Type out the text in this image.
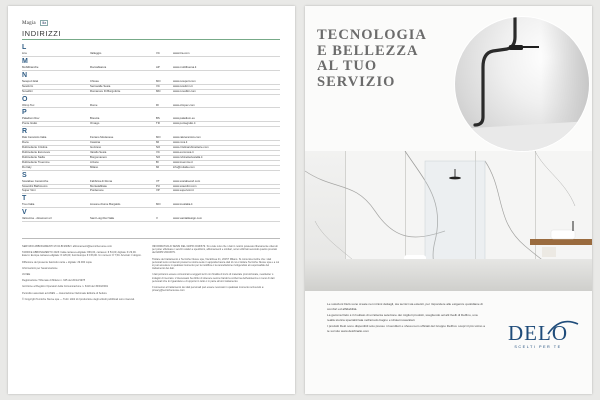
Magia	Illa
INDIRIZZI
L
Lira	Valleggio	VC	www.lira.com
M
Mobilbianche	Roccabianca	AP	www.mobilbuona.it
N
Newport Etal	Chiusa	MO	www.newport.com
Newform	Serravalle Sesia	VC	www.newform.it
Novellini	Romanore Di Borgoforte	MN	www.novellini.com
O
Olimp Tec	Rome	RI	www.olmpec.com
P
Paladium Rev	Brescia	BS	www.paladium.eu
Ponte Giulio	Ornago	TR	www.pontegiulio.it
R
Rak Ceramics Italia	Fiorano Modenese	MO	www.rakceramics.com
Roca	Cassina	MI	www.roca.it
Rubinetterie Cristina	Gozzano	NO	www.cristinarubinetterie.com
Rubinetterie Euronova	Varallo Sesia	VC	www.euronova.it
Rubinetterie Stella	Borgomanero	NO	www.rubinetteriestella.it
Rubinetterie Treemme	Arzano	BI	www.treemme.it
Ru Italy	Milano	MI	info@ruitalia.com
S
Scarabeo Ceramiche	Fabbrica di Roma	VT	www.scarabeosrl.com
Scavolini Bathrooms	Montelabbate	PU	www.scavolini.com
Super Vimi	Pordenone	VP	www.supervimi.it
T
Treo Italia	Lissone-Fiume Borgaldo	MO	www.treoitalia.it
V
Valcucina - dinamoni.srl	Sant Luigi Del Valle	V	www.vanitaldesign.com
SERVIZIO ABBONAMENTI MI 02.8193082 / abbonamenti@tecnichenuove.com
TARIFFE ABBONAMENTO 2023: Italia cartaceo+digitale: €69,00, cartaceo: € 54,00; digitale: € 29,00. Estero: Europa cartaceo+digitale: € 126,00; fuori Europa: € 153,00. Un numero: € 7,50. Arretrati: il doppio.
Diffusione del presente fascicolo carta + digitale: 29.000 copie
Informazioni per l'assicurazione
JUXEE
Registrazione Tribunale di Milano n. 645 del 20/12/1978
Iscrizione al Registro Operatori della Comunicazione n. 6419 del 30/04/2001
Periodico associato ad ANES — Associazione Nazionale Editoria di Settore
© Copyright Tecniche Nuove spa — Tutti i diritti di riproduzione degli articoli pubblicati sono riservati.
INFORMATIVA AI SENSI DEL GDPR 2016/679. Si rende noto che i dati in nostro possesso liberamente ottenuti per poter effettuare i servizi relativi a spedizioni, abbonamenti e similari, sono utilizzati secondo quanto previsto dal GDPR 2016/679.
Titolare del trattamento è Tecniche Nuove spa, Via Eritrea 21, 20157 Milano. Si comunica inoltre che i dati personali sono contenuti presso la nostra sede in apposita banca dati di cui è titolare Tecniche Nuove spa e a cui si può accedere in qualsiasi momento per la modifica o la cancellazione rivolgendosi al responsabile del trattamento dei dati.
I dati potranno essere comunicati a soggetti terzi con finalità di invio di materiale promozionale, newsletter o indagini di mercato. L'interessato ha diritto di ottenere senza ritardo la conferma dell'esistenza o meno di dati personali che lo riguardano e di opporsi in tutto o in parte al loro trattamento.
Il consenso al trattamento dei dati personali può essere revocato in qualsiasi momento scrivendo a: privacy@tecnichenuove.com
TECNOLOGIA
E BELLEZZA
AL TUO
SERVIZIO

Le soluzioni Delò sono create nei minimi dettagli, sia tecnici sia estetici, per rispondere alle esigenze quotidiane di comfort ed affidabilità.

La gamma Delò è il risultato di un'attenta selezione dei migliori prodotti, scegliendo ad alti livelli di Delfino, una realtà storica specializzata nell'arredo bagno e idrotermosanitari.

I prodotti Delò sono disponibili solo presso i rivenditori e show-room ufficiali del Gruppo Delfino: scopri il più vicino a te sul sito www.delofinalio.com	DELO
SCELTI PER TE
